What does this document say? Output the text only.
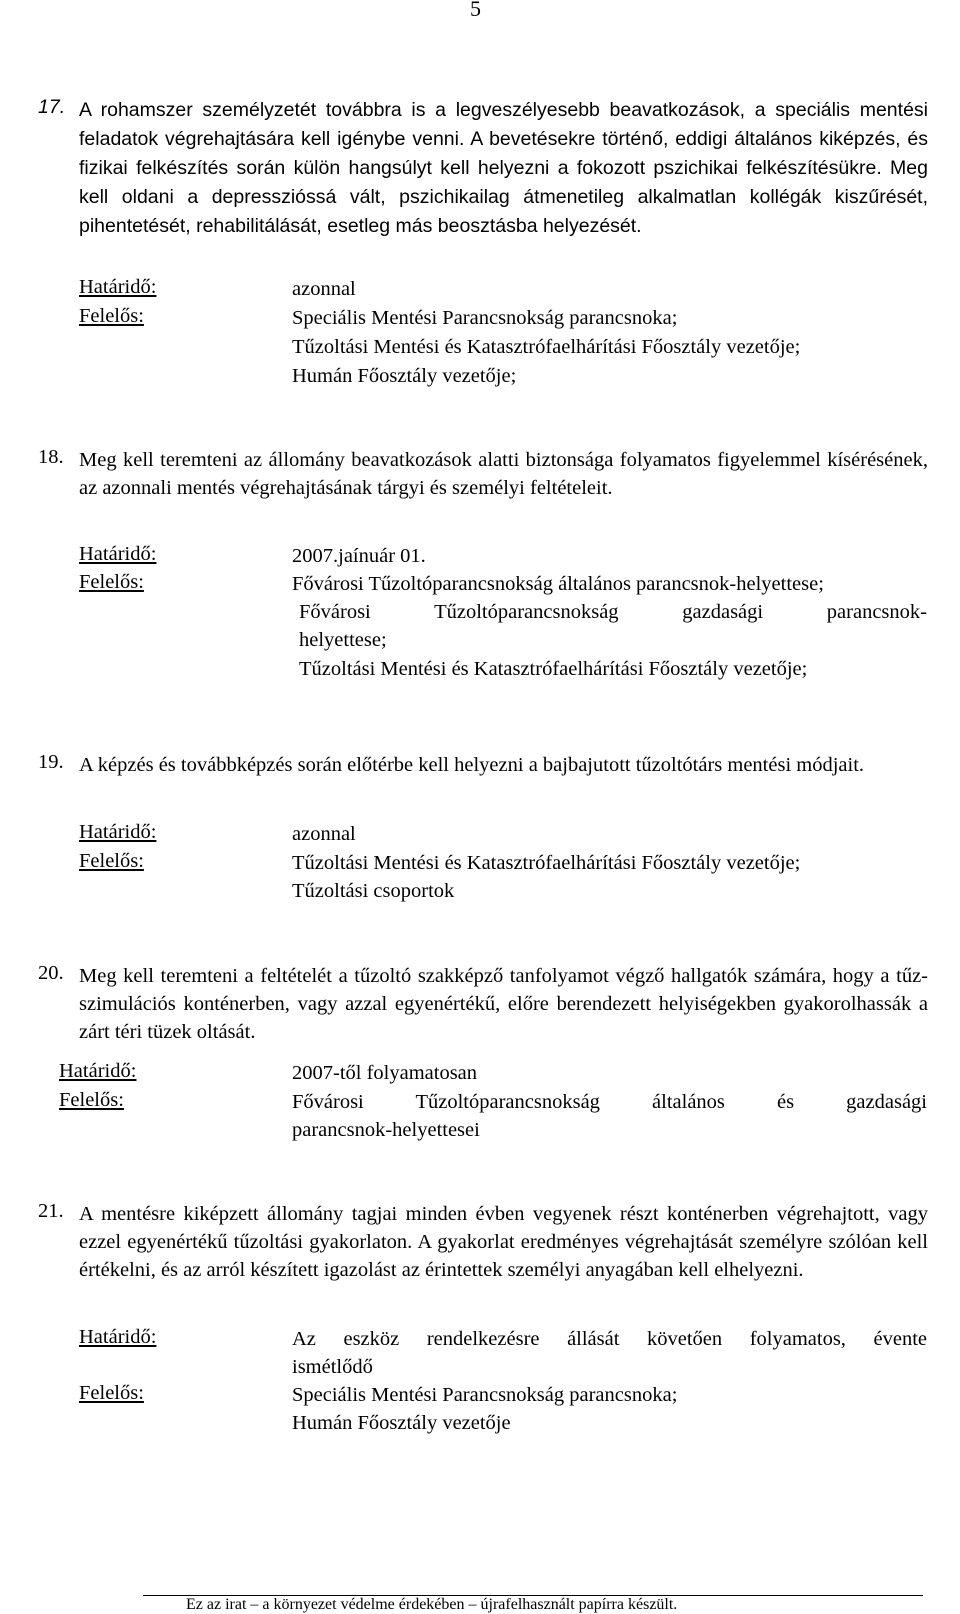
5
17. A rohamszer személyzetét továbbra is a legveszélyesebb beavatkozások, a speciális mentési feladatok végrehajtására kell igénybe venni. A bevetésekre történő, eddigi általános kiképzés, és fizikai felkészítés során külön hangsúlyt kell helyezni a fokozott pszichikai felkészítésükre. Meg kell oldani a depresszióssá vált, pszichikailag átmenetileg alkalmatlan kollégák kiszűrését, pihentetését, rehabilitálását, esetleg más beosztásba helyezését.
Határidő:
Felelős:
azonnal
Speciális Mentési Parancsnokság parancsnoka;
Tűzoltási Mentési és Katasztrófaelhárítási Főosztály vezetője;
Humán Főosztály vezetője;
18. Meg kell teremteni az állomány beavatkozások alatti biztonsága folyamatos figyelemmel kísérésének, az azonnali mentés végrehajtásának tárgyi és személyi feltételeit.
Határidő:
Felelős:
2007.jaínuár 01.
Fővárosi Tűzoltóparancsnokság általános parancsnok-helyettese;
Fővárosi Tűzoltóparancsnokság gazdasági parancsnok-
helyettese;
Tűzoltási Mentési és Katasztrófaelhárítási Főosztály vezetője;
19. A képzés és továbbképzés során előtérbe kell helyezni a bajbajutott tűzoltótárs mentési módjait.
Határidő:
Felelős:
azonnal
Tűzoltási Mentési és Katasztrófaelhárítási Főosztály vezetője;
Tűzoltási csoportok
20. Meg kell teremteni a feltételét a tűzoltó szakképző tanfolyamot végző hallgatók számára, hogy a tűz- szimulációs konténerben, vagy azzal egyenértékű, előre berendezett helyiségekben gyakorolhassák a zárt téri tüzek oltását.
Határidő:
Felelős:
2007-től folyamatosan
Fővárosi Tűzoltóparancsnokság általános és gazdasági
parancsnok-helyettesei
21. A mentésre kiképzett állomány tagjai minden évben vegyenek részt konténerben végrehajtott, vagy ezzel egyenértékű tűzoltási gyakorlaton. A gyakorlat eredményes végrehajtását személyre szólóan kell értékelni, és az arról készített igazolást az érintettek személyi anyagában kell elhelyezni.
Határidő:
Felelős:
Az eszköz rendelkezésre állását követően folyamatos, évente
ismétlődő
Speciális Mentési Parancsnokság parancsnoka;
Humán Főosztály vezetője
Ez az irat – a környezet védelme érdekében – újrafelhasznált papírra készült.
